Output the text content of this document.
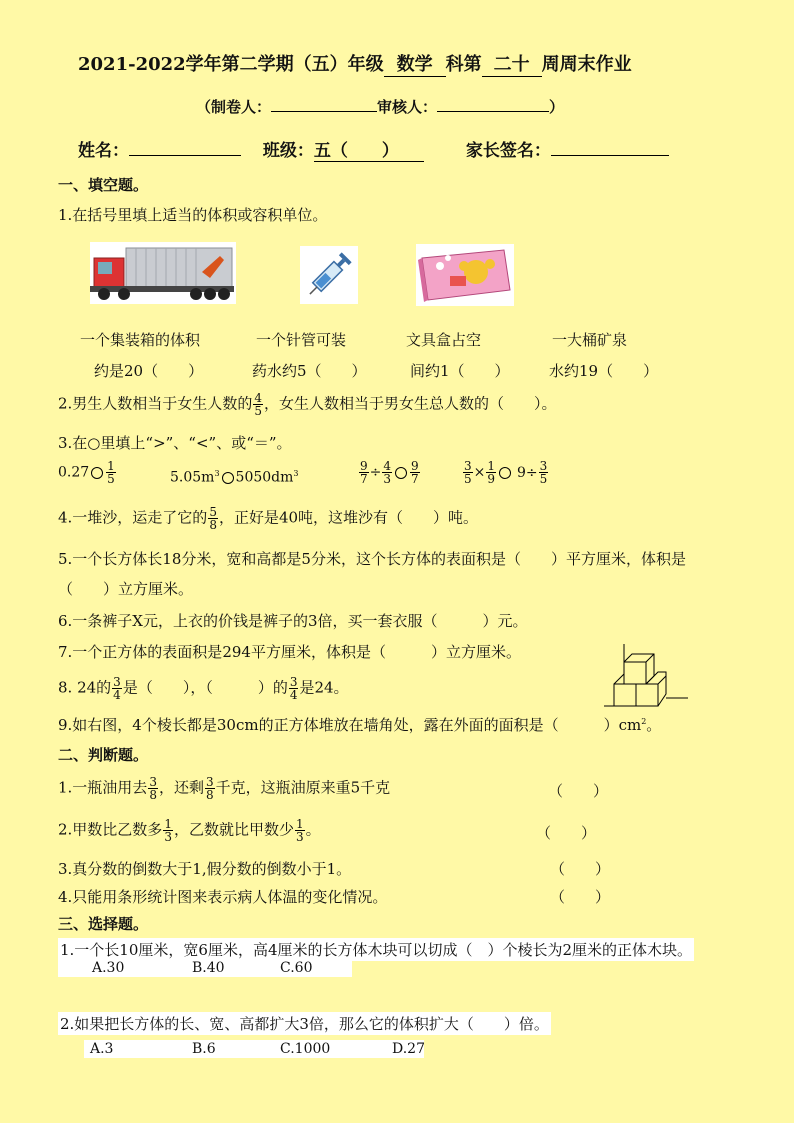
2021-2022学年第二学期（五）年级 数学 科第 二十 周周末作业
（制卷人：	审核人：	）
姓名：	班级：五（　　）	家长签名：
一、填空题。
1.在括号里填上适当的体积或容积单位。
一个集装箱的体积
约是20（　　）
一个针管可装
药水约5（　　）
文具盒占空
间约1（　　）
一大桶矿泉
水约19（　　）
2.男生人数相当于女生人数的 $\frac{4}{5}$ ，女生人数相当于男女生总人数的（　　）。
3.在○里填上“>”、“<”、或“＝”。
$0.27 \frac{1}{5}$	$5.05m^3$ $5050dm^3$	$\frac{9}{7} \div \frac{4}{3} \frac{9}{7}$	$\frac{3}{5} \times \frac{1}{9} 9\div \frac{3}{5}$
4.一堆沙，运走了它的 $\frac{5}{8}$ ，正好是40吨，这堆沙有（　　）吨。
5.一个长方体长18分米，宽和高都是5分米，这个长方体的表面积是（　　）平方厘米，体积是
（　　）立方厘米。
6.一条裤子X元，上衣的价钱是裤子的3倍，买一套衣服（　　　）元。
7.一个正方体的表面积是294平方厘米，体积是（　　　）立方厘米。
8. 24的 $\frac{3}{4}$ 是（　　），（　　　）的 $\frac{3}{4}$ 是24。
9.如右图，4个棱长都是30cm的正方体堆放在墙角处，露在外面的面积是（　　　）$cm^2$。
二、判断题。
1.一瓶油用去 $\frac{3}{8}$ ，还剩 $\frac{3}{8}$ 千克，这瓶油原来重5千克	（　　）
2.甲数比乙数多 $\frac{1}{3}$ ，乙数就比甲数少 $\frac{1}{3}$ 。	（　　）
3.真分数的倒数大于1,假分数的倒数小于1。	（　　）
4.只能用条形统计图来表示病人体温的变化情况。	（　　）
三、选择题。
1.一个长10厘米，宽6厘米，高4厘米的长方体木块可以切成（　）个棱长为2厘米的正体木块。
A.30	B.40	C.60
2.如果把长方体的长、宽、高都扩大3倍，那么它的体积扩大（　　）倍。
A.3	B.6	C.1000	D.27
